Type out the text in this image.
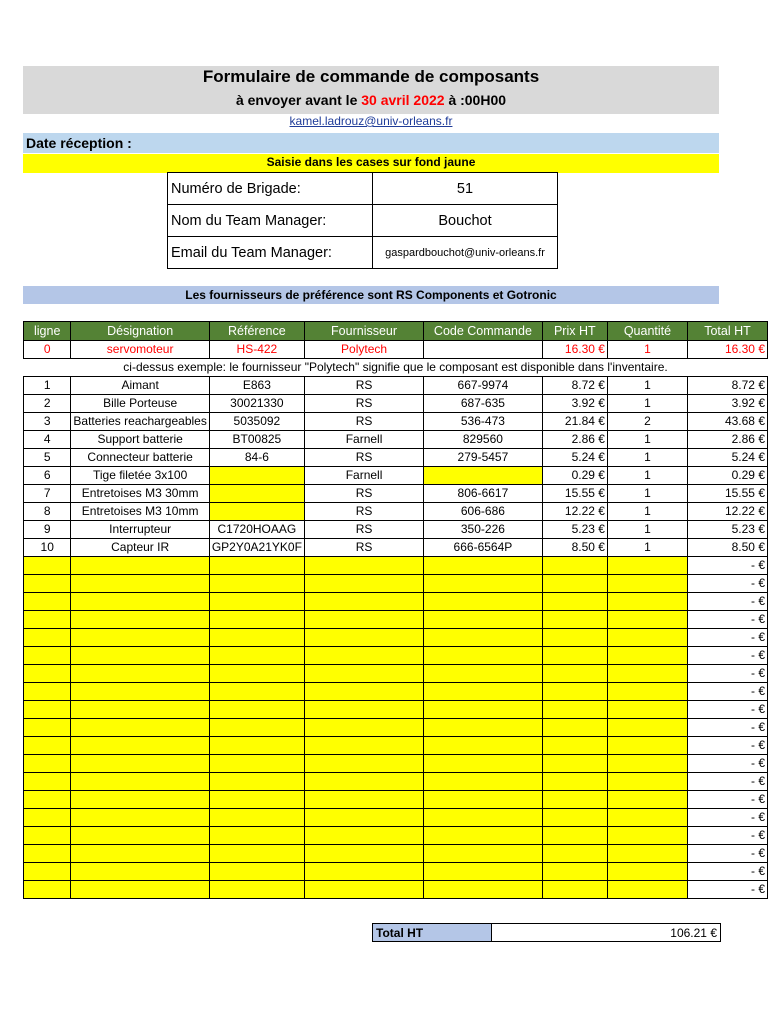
Formulaire de commande de composants
à envoyer avant le 30 avril 2022 à :00H00
kamel.ladrouz@univ-orleans.fr
Date réception :
Saisie dans les cases sur fond jaune
Numéro de Brigade:	51
Nom du Team Manager:	Bouchot
Email du Team Manager:	gaspardbouchot@univ-orleans.fr
Les fournisseurs de préférence sont RS Components et Gotronic
ligne	Désignation	Référence	Fournisseur	Code Commande	Prix HT	Quantité	Total HT
0	servomoteur	HS-422	Polytech		16.30 €	1	16.30 €
ci-dessus exemple: le fournisseur "Polytech" signifie que le composant est disponible dans l'inventaire.							
1	Aimant	E863	RS	667-9974	8.72 €	1	8.72 €
2	Bille Porteuse	30021330	RS	687-635	3.92 €	1	3.92 €
3	Batteries reachargeables	5035092	RS	536-473	21.84 €	2	43.68 €
4	Support batterie	BT00825	Farnell	829560	2.86 €	1	2.86 €
5	Connecteur batterie	84-6	RS	279-5457	5.24 €	1	5.24 €
6	Tige filetée 3x100		Farnell		0.29 €	1	0.29 €
7	Entretoises M3 30mm		RS	806-6617	15.55 €	1	15.55 €
8	Entretoises M3 10mm		RS	606-686	12.22 €	1	12.22 €
9	Interrupteur	C1720HOAAG	RS	350-226	5.23 €	1	5.23 €
10	Capteur IR	GP2Y0A21YK0F	RS	666-6564P	8.50 €	1	8.50 €
							- €
							- €
							- €
							- €
							- €
							- €
							- €
							- €
							- €
							- €
							- €
							- €
							- €
							- €
							- €
							- €
							- €
							- €
							- €
Total HT	106.21 €
